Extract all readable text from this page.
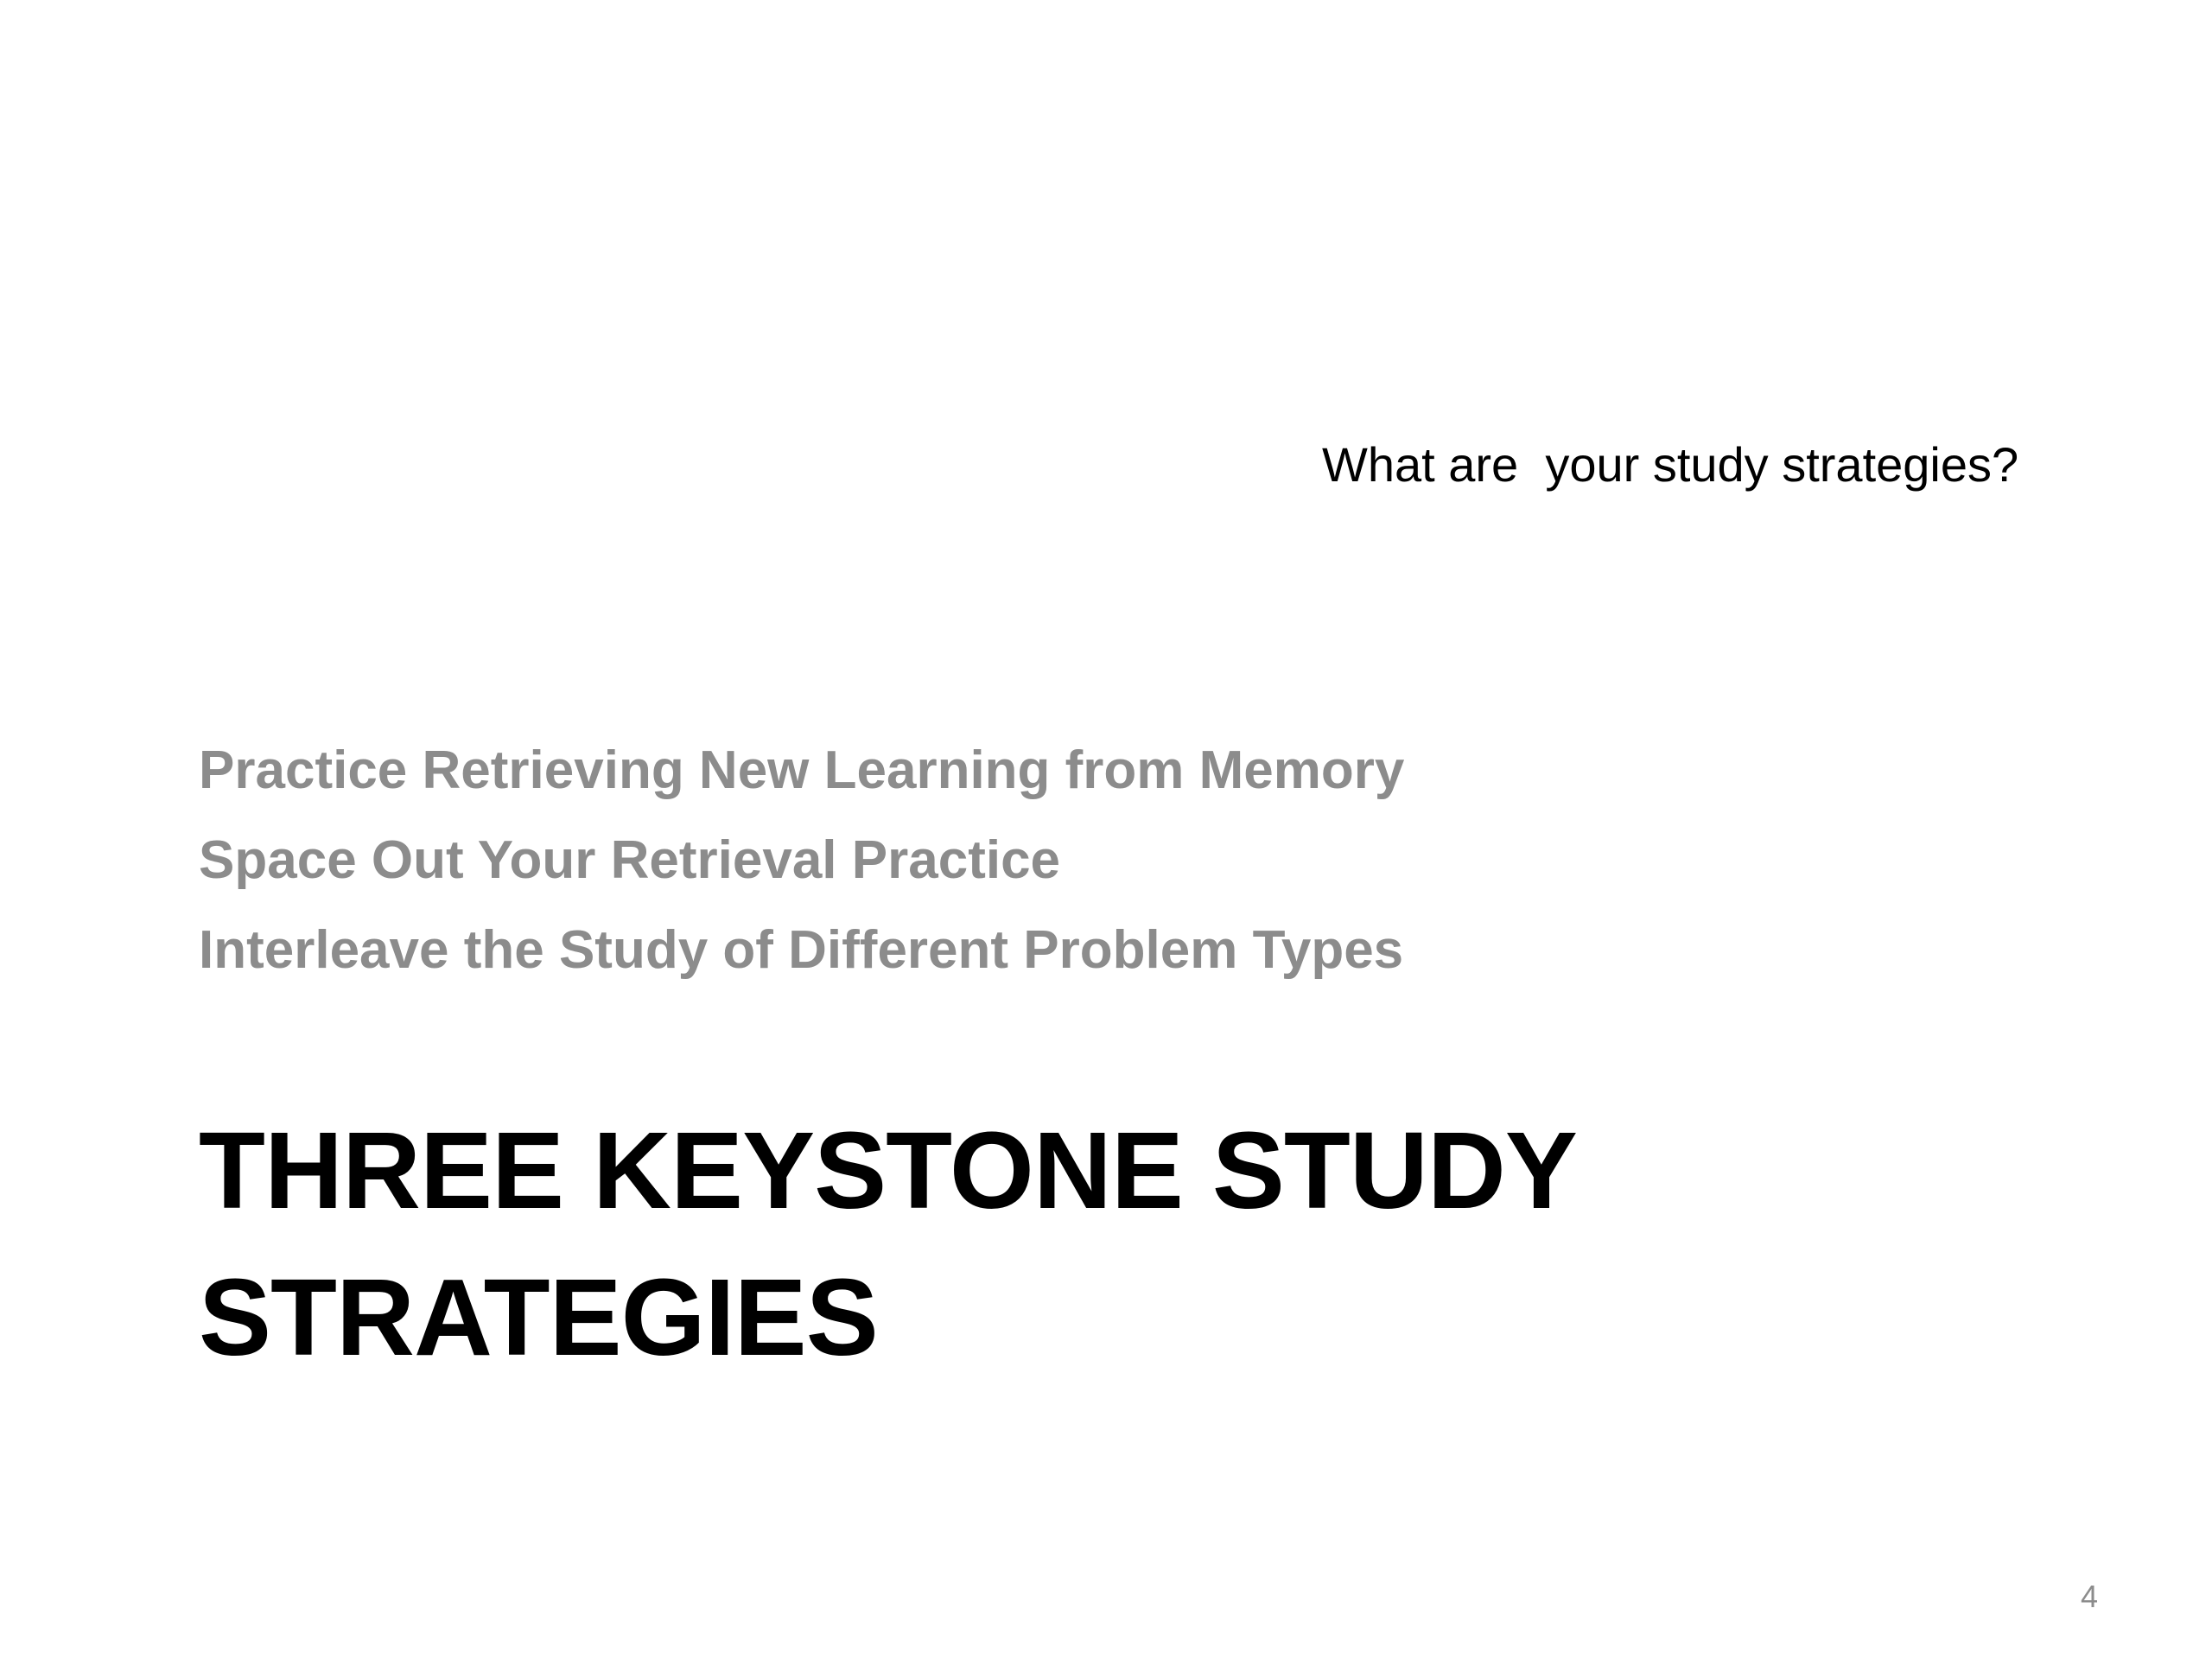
What are  your study strategies?
Practice Retrieving New Learning from Memory
Space Out Your Retrieval Practice
Interleave the Study of Different Problem Types
THREE KEYSTONE STUDY
STRATEGIES
4
